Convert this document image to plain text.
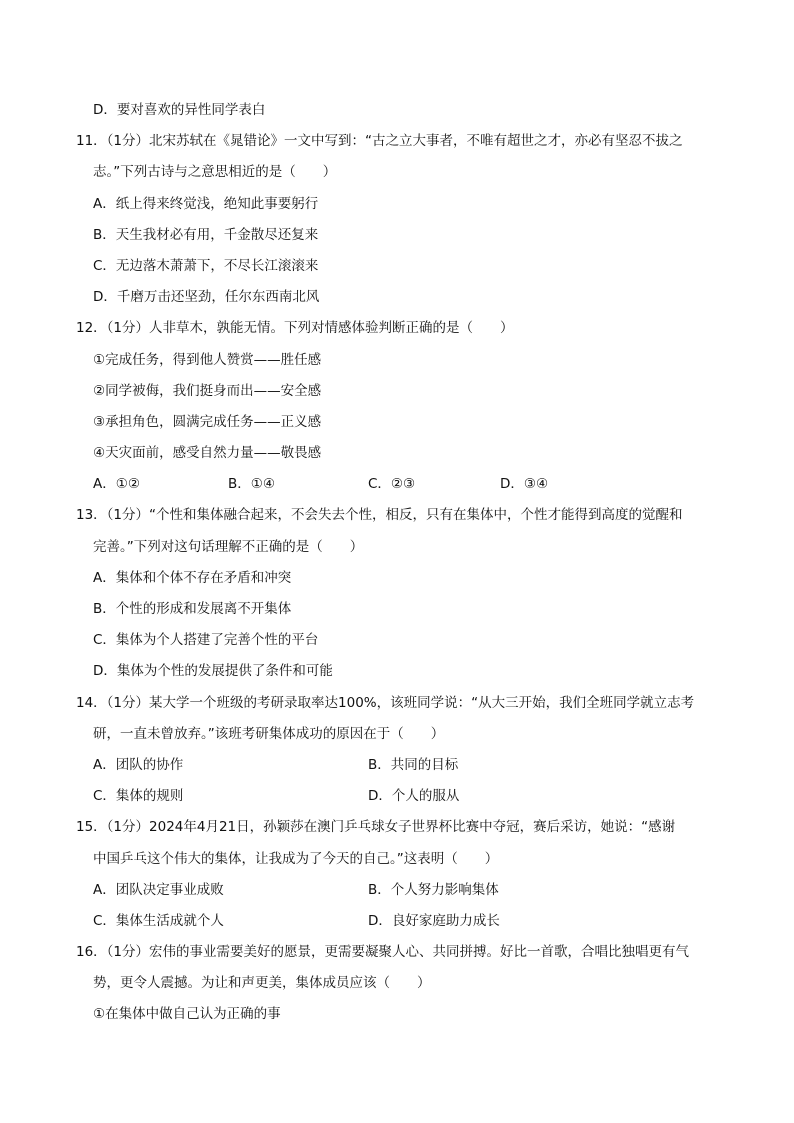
D．要对喜欢的异性同学表白
11．（1分）北宋苏轼在《晁错论》一文中写到：“古之立大事者，不唯有超世之才，亦必有坚忍不拔之
志。”下列古诗与之意思相近的是（　　）
A．纸上得来终觉浅，绝知此事要躬行
B．天生我材必有用，千金散尽还复来
C．无边落木萧萧下，不尽长江滚滚来
D．千磨万击还坚劲，任尔东西南北风
12．（1分）人非草木，孰能无情。下列对情感体验判断正确的是（　　）
①完成任务，得到他人赞赏——胜任感
②同学被侮，我们挺身而出——安全感
③承担角色，圆满完成任务——正义感
④天灾面前，感受自然力量——敬畏感
A．①②	B．①④	C．②③	D．③④
13．（1分）“个性和集体融合起来，不会失去个性，相反，只有在集体中，个性才能得到高度的觉醒和
完善。”下列对这句话理解不正确的是（　　）
A．集体和个体不存在矛盾和冲突
B．个性的形成和发展离不开集体
C．集体为个人搭建了完善个性的平台
D．集体为个性的发展提供了条件和可能
14．（1分）某大学一个班级的考研录取率达100%，该班同学说：“从大三开始，我们全班同学就立志考
研，一直未曾放弃。”该班考研集体成功的原因在于（　　）
A．团队的协作	B．共同的目标
C．集体的规则	D．个人的服从
15．（1分）2024年4月21日，孙颖莎在澳门乒乓球女子世界杯比赛中夺冠，赛后采访，她说：“感谢
中国乒乓这个伟大的集体，让我成为了今天的自己。”这表明（　　）
A．团队决定事业成败	B．个人努力影响集体
C．集体生活成就个人	D．良好家庭助力成长
16．（1分）宏伟的事业需要美好的愿景，更需要凝聚人心、共同拼搏。好比一首歌，合唱比独唱更有气
势，更令人震撼。为让和声更美，集体成员应该（　　）
①在集体中做自己认为正确的事
